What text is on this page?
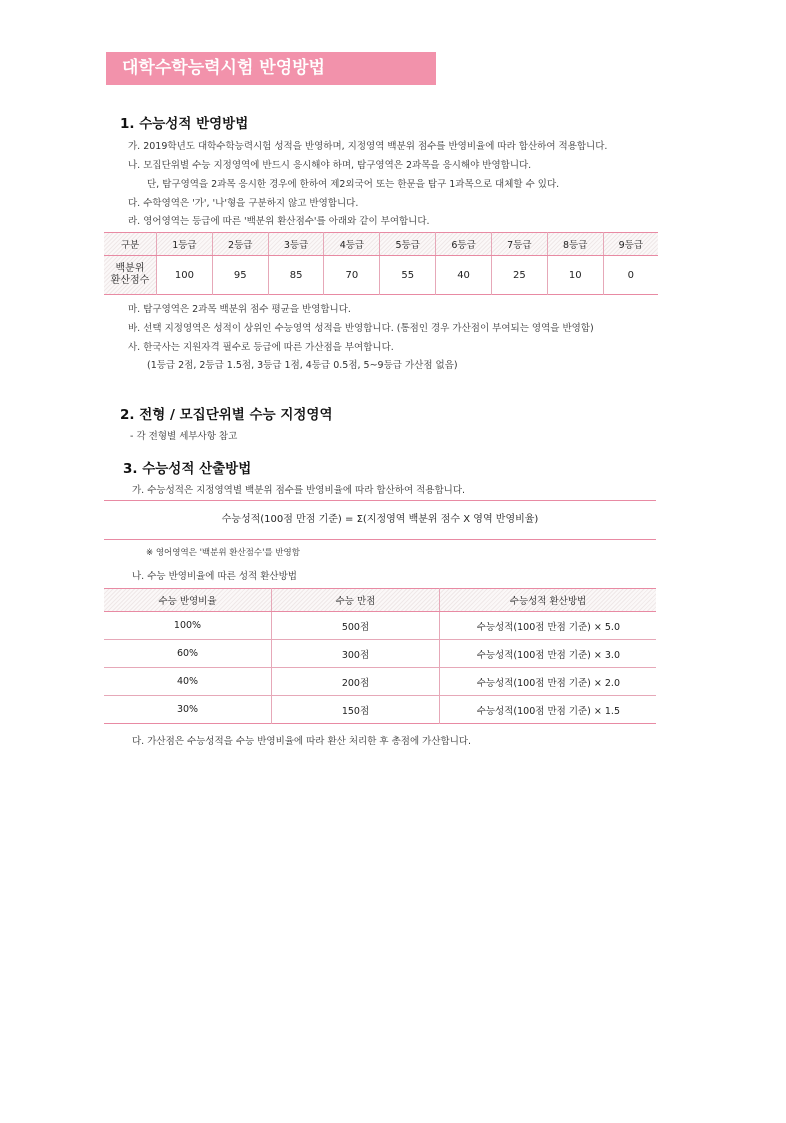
대학수학능력시험 반영방법
1. 수능성적 반영방법
가. 2019학년도 대학수학능력시험 성적을 반영하며, 지정영역 백분위 점수를 반영비율에 따라 합산하여 적용합니다.
나. 모집단위별 수능 지정영역에 반드시 응시해야 하며, 탐구영역은 2과목을 응시해야 반영합니다.
단, 탐구영역을 2과목 응시한 경우에 한하여 제2외국어 또는 한문을 탐구 1과목으로 대체할 수 있다.
다. 수학영역은 '가', '나'형을 구분하지 않고 반영합니다.
라. 영어영역는 등급에 따른 '백분위 환산점수'를 아래와 같이 부여합니다.
구분	1등급	2등급	3등급	4등급	5등급	6등급	7등급	8등급	9등급
백분위
환산점수	100	95	85	70	55	40	25	10	0
마. 탐구영역은 2과목 백분위 점수 평균을 반영합니다.
바. 선택 지정영역은 성적이 상위인 수능영역 성적을 반영합니다. (통점인 경우 가산점이 부여되는 영역을 반영함)
사. 한국사는 지원자격 필수로 등급에 따른 가산점을 부여합니다.
(1등급 2점, 2등급 1.5점, 3등급 1점, 4등급 0.5점, 5~9등급 가산점 없음)
2. 전형 / 모집단위별 수능 지정영역
- 각 전형별 세부사항 참고
3. 수능성적 산출방법
가. 수능성적은 지정영역별 백분위 점수를 반영비율에 따라 합산하여 적용합니다.
수능성적(100점 만점 기준) = Σ(지정영역 백분위 점수 X 영역 반영비율)
※ 영어영역은 '백분위 환산점수'를 반영함
나. 수능 반영비율에 따른 성적 환산방법
수능 반영비율	수능 만점	수능성적 환산방법
100%	500점	수능성적(100점 만점 기준) × 5.0
60%	300점	수능성적(100점 만점 기준) × 3.0
40%	200점	수능성적(100점 만점 기준) × 2.0
30%	150점	수능성적(100점 만점 기준) × 1.5
다. 가산점은 수능성적을 수능 반영비율에 따라 환산 처리한 후 총점에 가산합니다.
